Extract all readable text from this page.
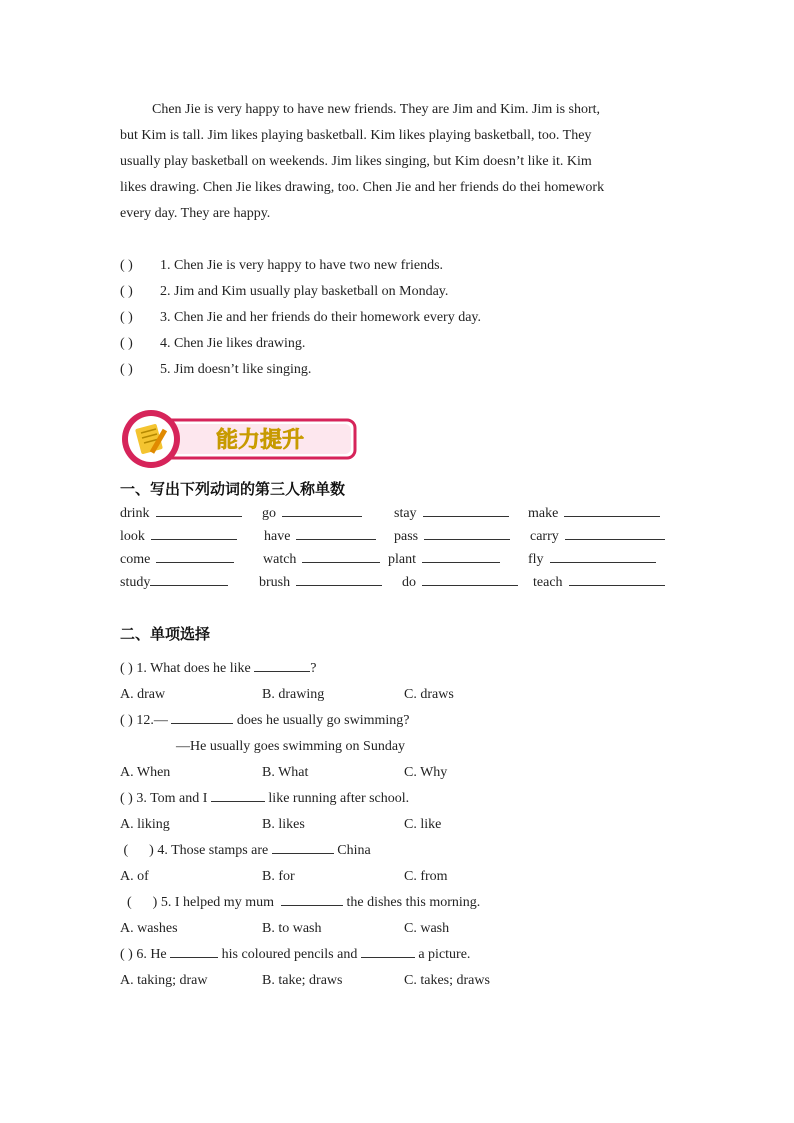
Chen Jie is very happy to have new friends. They are Jim and Kim. Jim is short,
but Kim is tall. Jim likes playing basketball. Kim likes playing basketball, too. They
usually play basketball on weekends. Jim likes singing, but Kim doesn’t like it. Kim
likes drawing. Chen Jie likes drawing, too. Chen Jie and her friends do thei homework
every day. They are happy.
( ) 1. Chen Jie is very happy to have two new friends.
( ) 2. Jim and Kim usually play basketball on Monday.
( ) 3. Chen Jie and her friends do their homework every day.
( ) 4. Chen Jie likes drawing.
( ) 5. Jim doesn’t like singing.
能力提升
一、写出下列动词的第三人称单数
drink	go	stay	make
look	have	pass	carry
come	watch	plant	fly
study	brush	do	teach
二、单项选择
( ) 1. What does he like	?
A. draw	B. drawing	C. draws
( ) 12.—	does he usually go swimming?
—He usually goes swimming on Sunday
A. When	B. What	C. Why
( ) 3. Tom and I	like running after school.
A. liking	B. likes	C. like
(      ) 4. Those stamps are	China
A. of	B. for	C. from
(      ) 5. I helped my mum	the dishes this morning.
A. washes	B. to wash	C. wash
( ) 6. He	his coloured pencils and	a picture.
A. taking; draw	B. take; draws	C. takes; draws
